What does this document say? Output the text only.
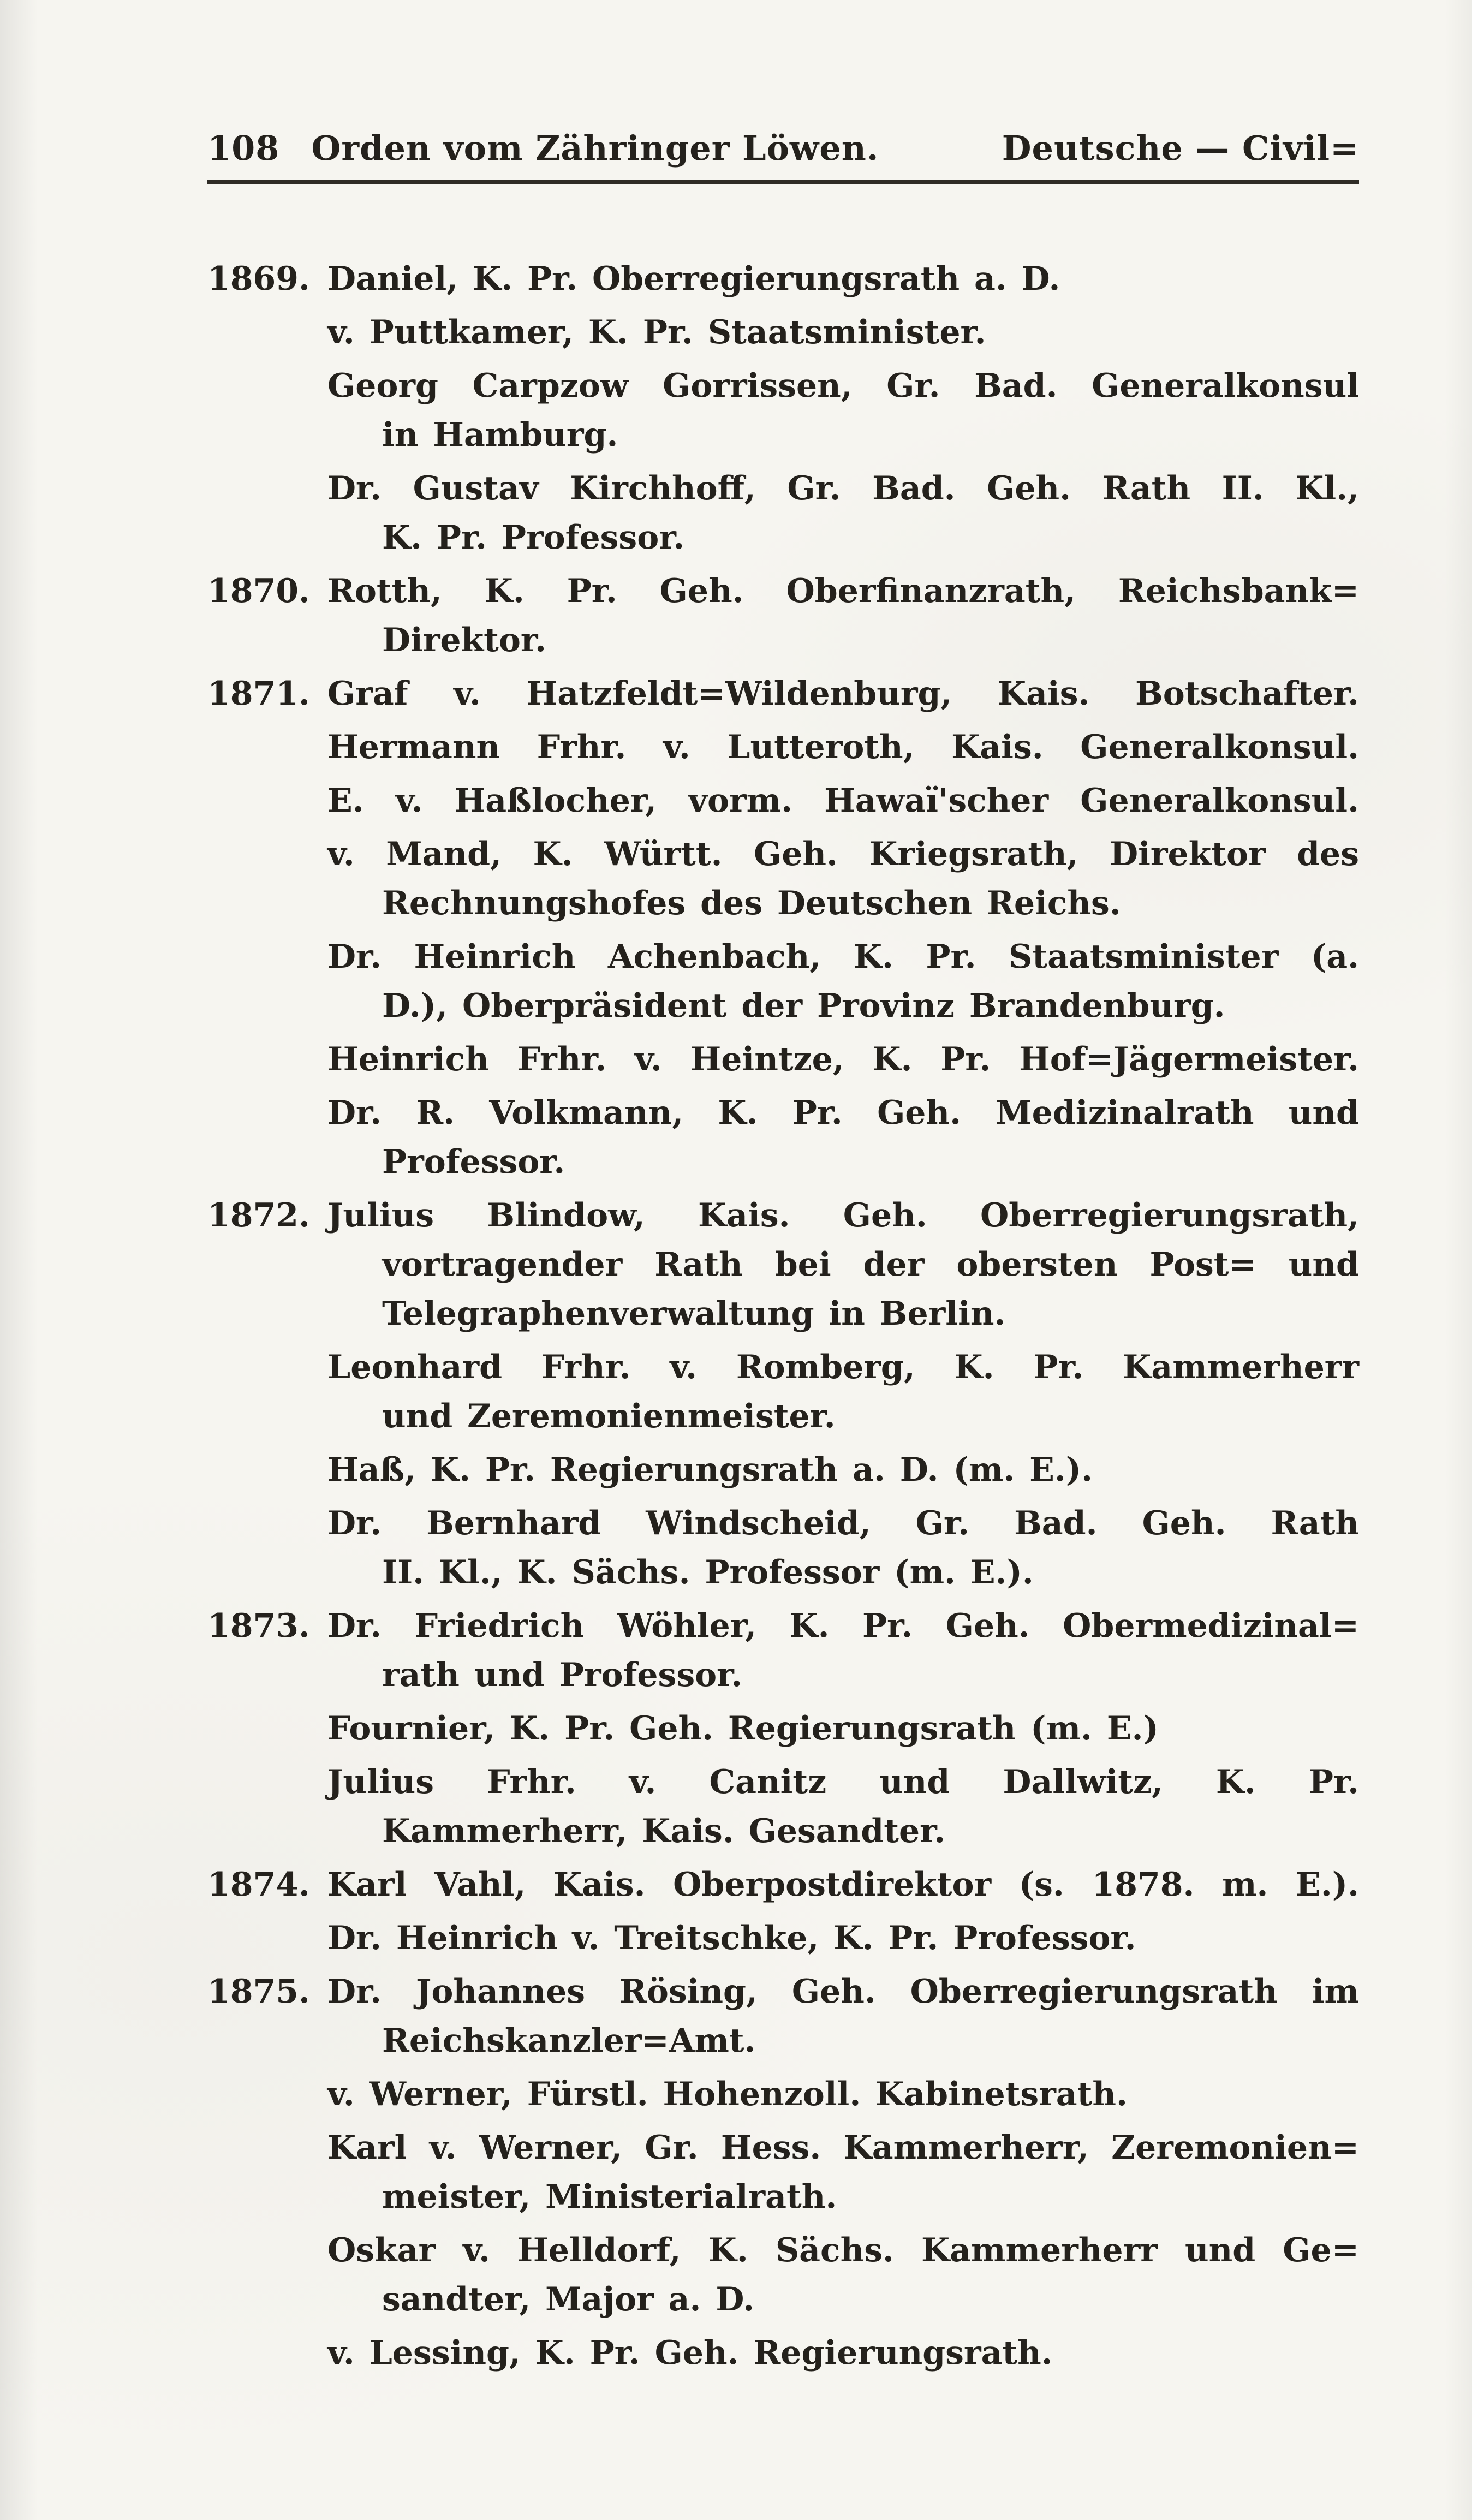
108 Orden vom Zähringer Löwen.	Deutsche — Civil=
1869. Daniel, K. Pr. Oberregierungsrath a. D.
v. Puttkamer, K. Pr. Staatsminister.
Georg Carpzow Gorrissen, Gr. Bad. Generalkonsul
in Hamburg.
Dr. Gustav Kirchhoff, Gr. Bad. Geh. Rath II. Kl.,
K. Pr. Professor.
1870. Rotth, K. Pr. Geh. Oberfinanzrath, Reichsbank=
Direktor.
1871. Graf v. Hatzfeldt=Wildenburg, Kais. Botschafter.
Hermann Frhr. v. Lutteroth, Kais. Generalkonsul.
E. v. Haßlocher, vorm. Hawaï'scher Generalkonsul.
v. Mand, K. Württ. Geh. Kriegsrath, Direktor des
Rechnungshofes des Deutschen Reichs.
Dr. Heinrich Achenbach, K. Pr. Staatsminister (a.
D.), Oberpräsident der Provinz Brandenburg.
Heinrich Frhr. v. Heintze, K. Pr. Hof=Jägermeister.
Dr. R. Volkmann, K. Pr. Geh. Medizinalrath und
Professor.
1872. Julius Blindow, Kais. Geh. Oberregierungsrath,
vortragender Rath bei der obersten Post= und
Telegraphenverwaltung in Berlin.
Leonhard Frhr. v. Romberg, K. Pr. Kammerherr
und Zeremonienmeister.
Haß, K. Pr. Regierungsrath a. D. (m. E.).
Dr. Bernhard Windscheid, Gr. Bad. Geh. Rath
II. Kl., K. Sächs. Professor (m. E.).
1873. Dr. Friedrich Wöhler, K. Pr. Geh. Obermedizinal=
rath und Professor.
Fournier, K. Pr. Geh. Regierungsrath (m. E.)
Julius Frhr. v. Canitz und Dallwitz, K. Pr.
Kammerherr, Kais. Gesandter.
1874. Karl Vahl, Kais. Oberpostdirektor (s. 1878. m. E.).
Dr. Heinrich v. Treitschke, K. Pr. Professor.
1875. Dr. Johannes Rösing, Geh. Oberregierungsrath im
Reichskanzler=Amt.
v. Werner, Fürstl. Hohenzoll. Kabinetsrath.
Karl v. Werner, Gr. Hess. Kammerherr, Zeremonien=
meister, Ministerialrath.
Oskar v. Helldorf, K. Sächs. Kammerherr und Ge=
sandter, Major a. D.
v. Lessing, K. Pr. Geh. Regierungsrath.
